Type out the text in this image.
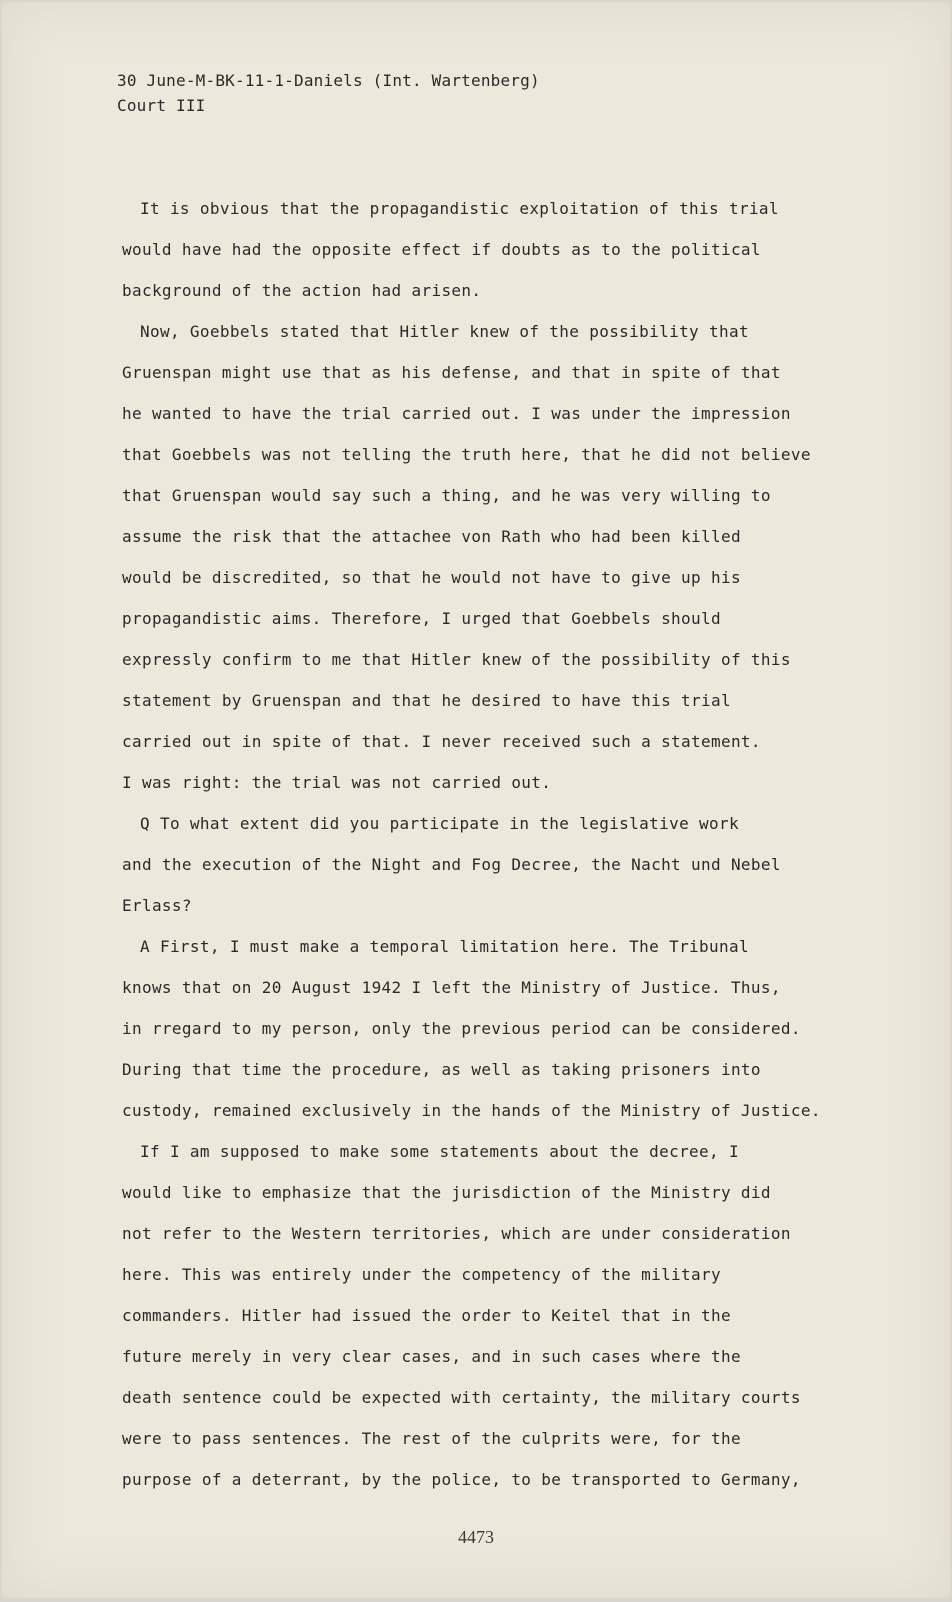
30 June-M-BK-11-1-Daniels (Int. Wartenberg)
Court III
It is obvious that the propagandistic exploitation of this trial
would have had the opposite effect if doubts as to the political
background of the action had arisen.
Now, Goebbels stated that Hitler knew of the possibility that
Gruenspan might use that as his defense, and that in spite of that
he wanted to have the trial carried out. I was under the impression
that Goebbels was not telling the truth here, that he did not believe
that Gruenspan would say such a thing, and he was very willing to
assume the risk that the attachee von Rath who had been killed
would be discredited, so that he would not have to give up his
propagandistic aims. Therefore, I urged that Goebbels should
expressly confirm to me that Hitler knew of the possibility of this
statement by Gruenspan and that he desired to have this trial
carried out in spite of that. I never received such a statement.
I was right: the trial was not carried out.
Q To what extent did you participate in the legislative work
and the execution of the Night and Fog Decree, the Nacht und Nebel
Erlass?
A First, I must make a temporal limitation here. The Tribunal
knows that on 20 August 1942 I left the Ministry of Justice. Thus,
in rregard to my person, only the previous period can be considered.
During that time the procedure, as well as taking prisoners into
custody, remained exclusively in the hands of the Ministry of Justice.
If I am supposed to make some statements about the decree, I
would like to emphasize that the jurisdiction of the Ministry did
not refer to the Western territories, which are under consideration
here. This was entirely under the competency of the military
commanders. Hitler had issued the order to Keitel that in the
future merely in very clear cases, and in such cases where the
death sentence could be expected with certainty, the military courts
were to pass sentences. The rest of the culprits were, for the
purpose of a deterrant, by the police, to be transported to Germany,
4473
